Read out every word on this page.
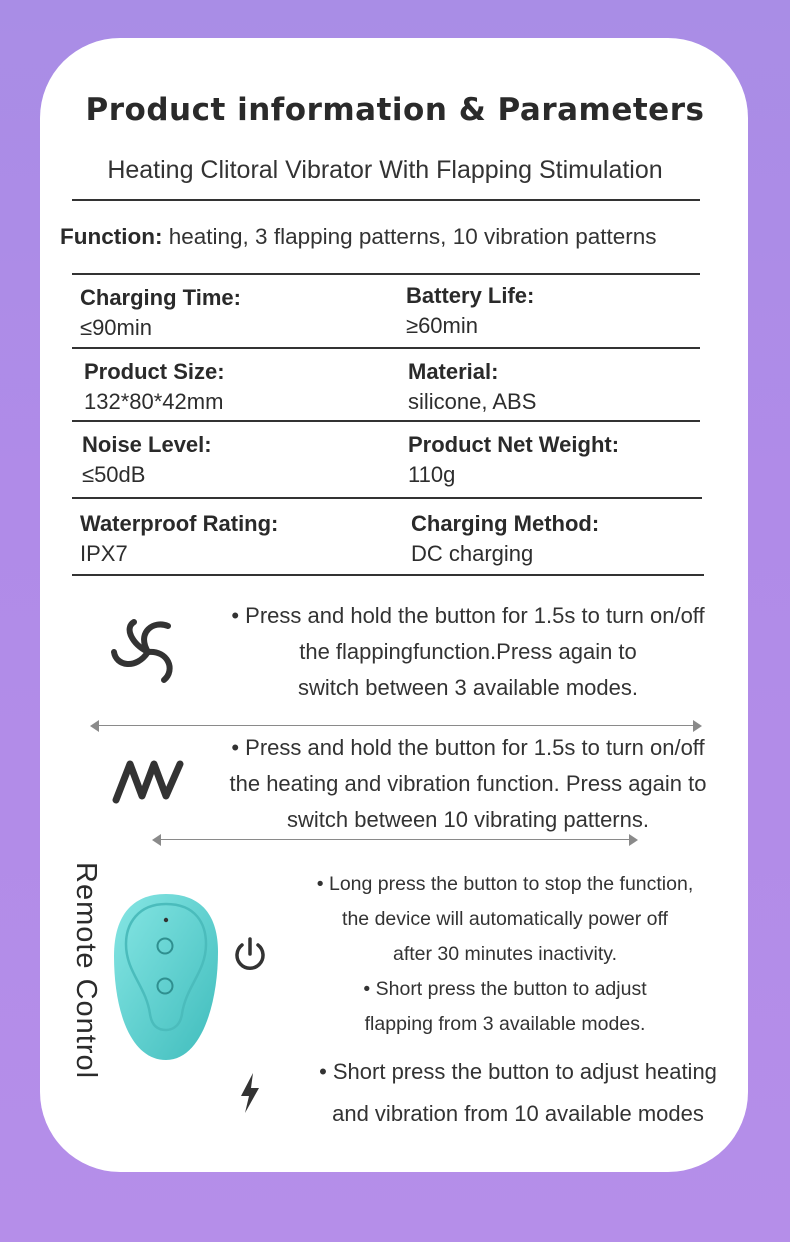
Product information & Parameters
Heating Clitoral Vibrator With Flapping Stimulation
Function: heating, 3 flapping patterns, 10 vibration patterns
Charging Time:
≤90min
Battery Life:
≥60min
Product Size:
132*80*42mm
Material:
silicone, ABS
Noise Level:
≤50dB
Product Net Weight:
110g
Waterproof Rating:
IPX7
Charging Method:
DC charging
• Press and hold the button for 1.5s to turn on/off
the flappingfunction.Press again to
switch between 3 available modes.
• Press and hold the button for 1.5s to turn on/off
the heating and vibration function. Press again to
switch between 10 vibrating patterns.
Remote Control	• Long press the button to stop the function,
the device will automatically power off
after 30 minutes inactivity.
• Short press the button to adjust
flapping from 3 available modes.
• Short press the button to adjust heating
and vibration from 10 available modes
